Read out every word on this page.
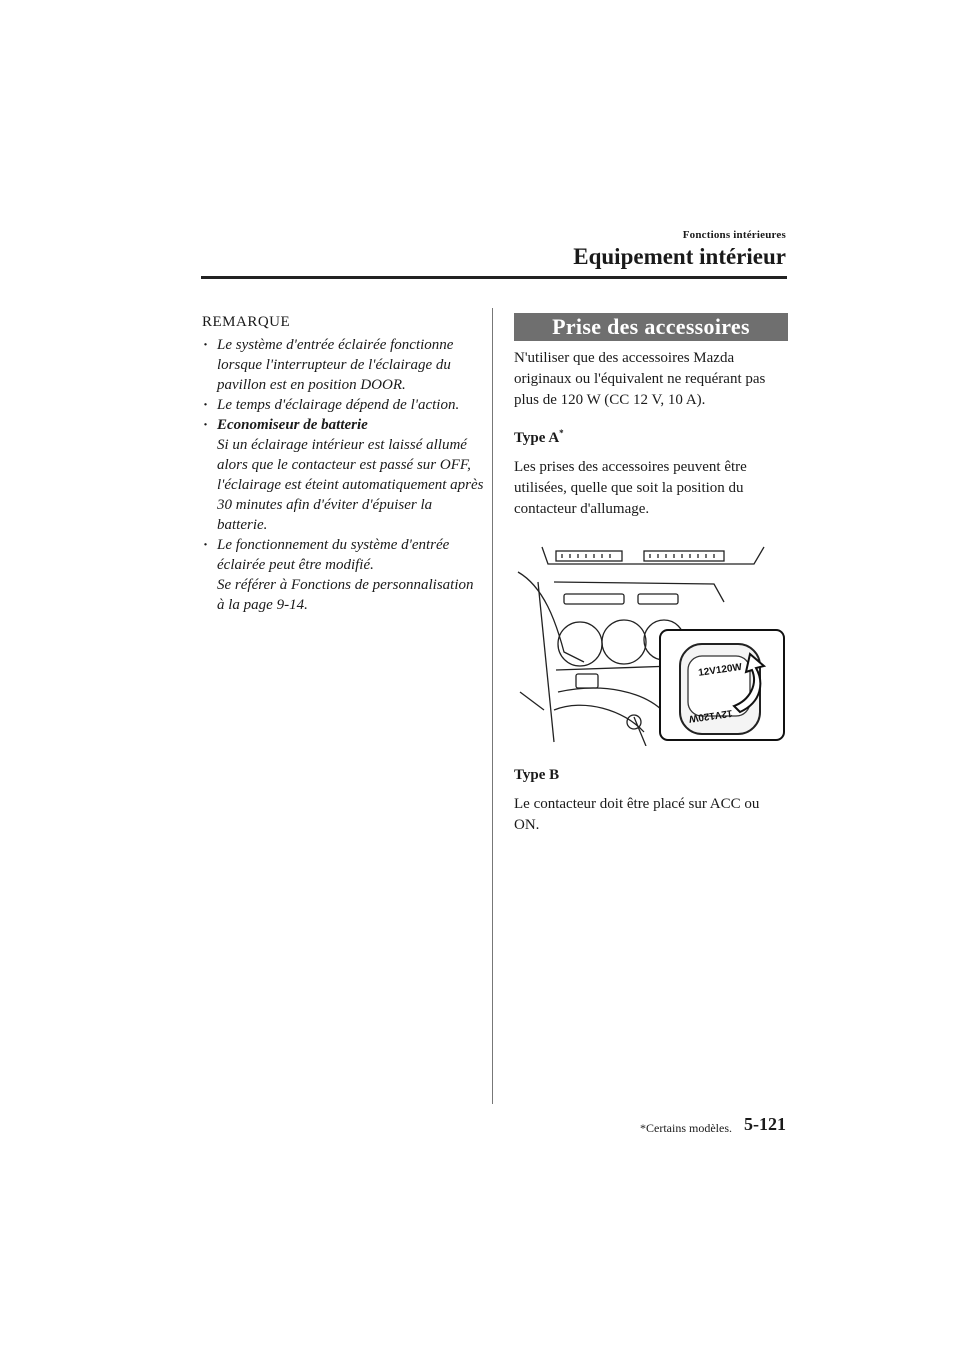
Fonctions intérieures
Equipement intérieur
REMARQUE
· Le système d'entrée éclairée fonctionne lorsque l'interrupteur de l'éclairage du pavillon est en position DOOR.
· Le temps d'éclairage dépend de l'action.
· Economiseur de batterie
Si un éclairage intérieur est laissé allumé alors que le contacteur est passé sur OFF, l'éclairage est éteint automatiquement après 30 minutes afin d'éviter d'épuiser la batterie.
· Le fonctionnement du système d'entrée éclairée peut être modifié.
Se référer à Fonctions de personnalisation à la page 9-14.
Prise des accessoires

N'utiliser que des accessoires Mazda originaux ou l'équivalent ne requérant pas plus de 120 W (CC 12 V, 10 A).

Type A*

Les prises des accessoires peuvent être utilisées, quelle que soit la position du contacteur d'allumage.

12V120W
12V120W
Type B

Le contacteur doit être placé sur ACC ou ON.

*Certains modèles. 5-121
